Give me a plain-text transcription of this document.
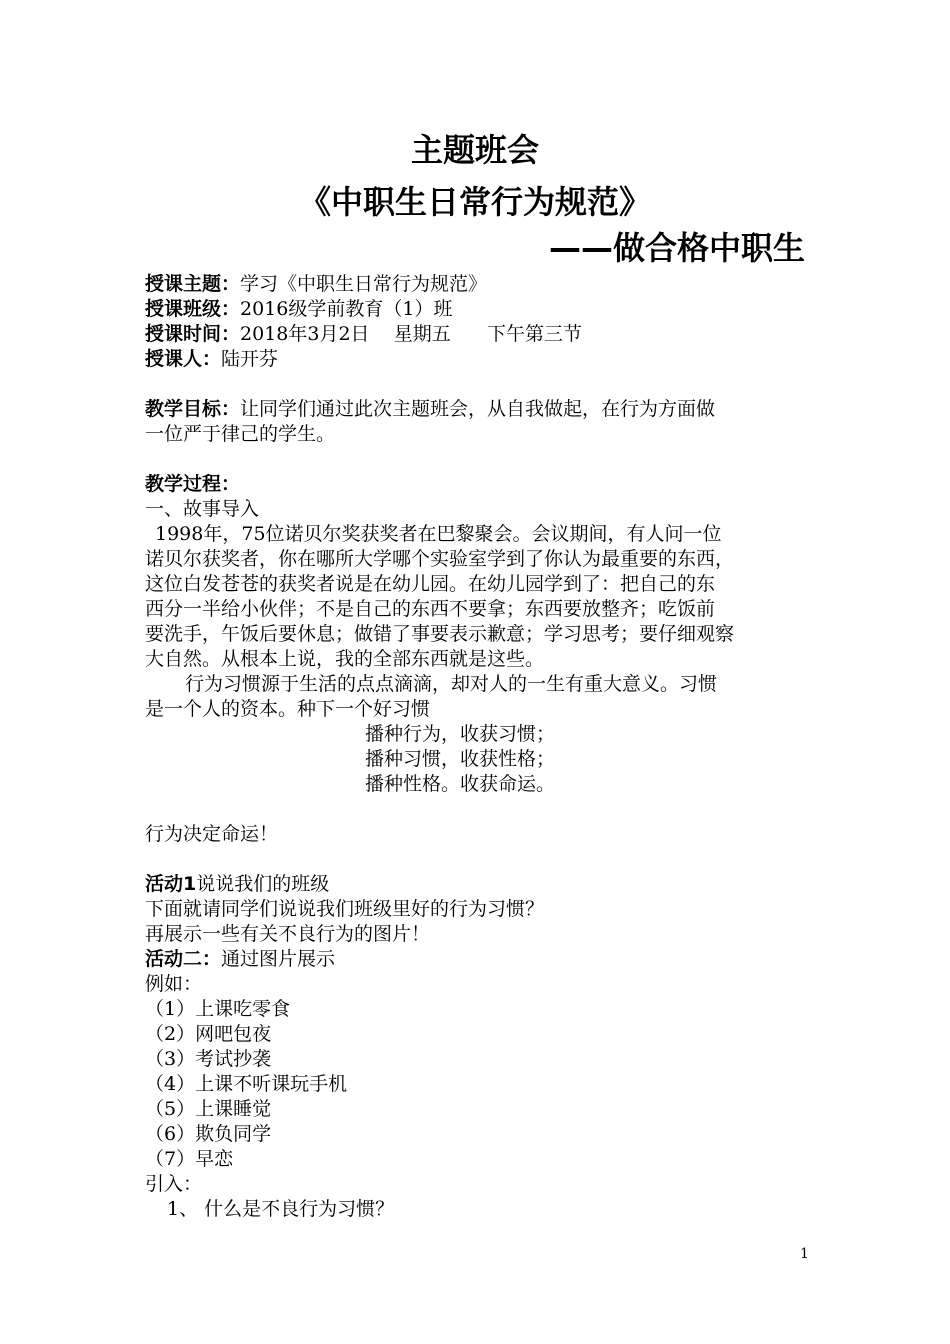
主题班会
《中职生日常行为规范》
——做合格中职生
授课主题：学习《中职生日常行为规范》
授课班级：2016级学前教育（1）班
授课时间：2018年3月2日    星期五      下午第三节
授课人：陆开芬
教学目标：让同学们通过此次主题班会，从自我做起，在行为方面做
一位严于律己的学生。
教学过程：
一、故事导入
1998年，75位诺贝尔奖获奖者在巴黎聚会。会议期间，有人问一位
诺贝尔获奖者，你在哪所大学哪个实验室学到了你认为最重要的东西，
这位白发苍苍的获奖者说是在幼儿园。在幼儿园学到了：把自己的东
西分一半给小伙伴；不是自己的东西不要拿；东西要放整齐；吃饭前
要洗手，午饭后要休息；做错了事要表示歉意；学习思考；要仔细观察
大自然。从根本上说，我的全部东西就是这些。
行为习惯源于生活的点点滴滴，却对人的一生有重大意义。习惯
是一个人的资本。种下一个好习惯
播种行为，收获习惯；
播种习惯，收获性格；
播种性格。收获命运。
行为决定命运！
活动1说说我们的班级
下面就请同学们说说我们班级里好的行为习惯？
再展示一些有关不良行为的图片！
活动二：通过图片展示
例如：
（1）上课吃零食
（2）网吧包夜
（3）考试抄袭
（4）上课不听课玩手机
（5）上课睡觉
（6）欺负同学
（7）早恋
引入：
1、 什么是不良行为习惯？
1
